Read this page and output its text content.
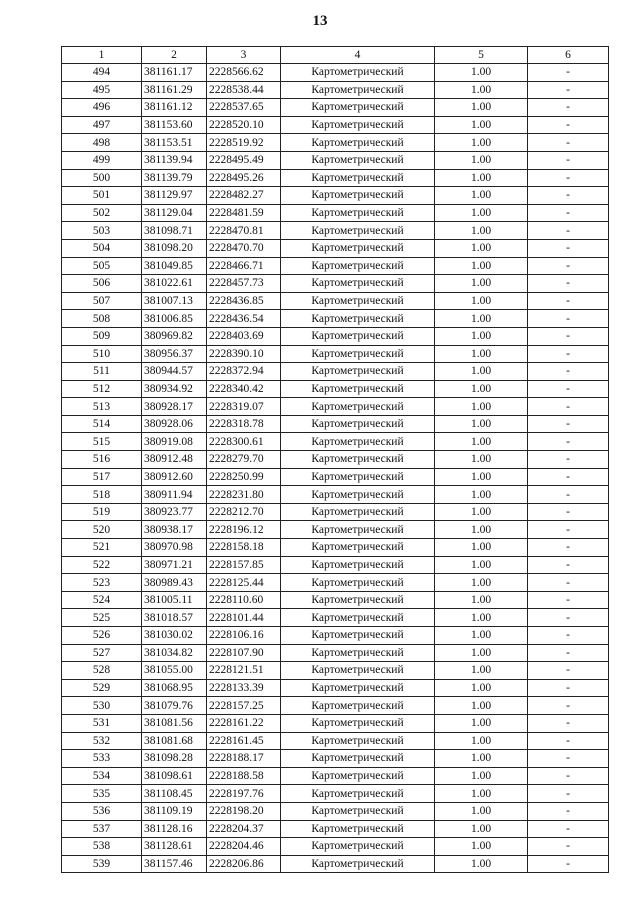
13
1	2	3	4	5	6
494	381161.17	2228566.62	Картометрический	1.00	-
495	381161.29	2228538.44	Картометрический	1.00	-
496	381161.12	2228537.65	Картометрический	1.00	-
497	381153.60	2228520.10	Картометрический	1.00	-
498	381153.51	2228519.92	Картометрический	1.00	-
499	381139.94	2228495.49	Картометрический	1.00	-
500	381139.79	2228495.26	Картометрический	1.00	-
501	381129.97	2228482.27	Картометрический	1.00	-
502	381129.04	2228481.59	Картометрический	1.00	-
503	381098.71	2228470.81	Картометрический	1.00	-
504	381098.20	2228470.70	Картометрический	1.00	-
505	381049.85	2228466.71	Картометрический	1.00	-
506	381022.61	2228457.73	Картометрический	1.00	-
507	381007.13	2228436.85	Картометрический	1.00	-
508	381006.85	2228436.54	Картометрический	1.00	-
509	380969.82	2228403.69	Картометрический	1.00	-
510	380956.37	2228390.10	Картометрический	1.00	-
511	380944.57	2228372.94	Картометрический	1.00	-
512	380934.92	2228340.42	Картометрический	1.00	-
513	380928.17	2228319.07	Картометрический	1.00	-
514	380928.06	2228318.78	Картометрический	1.00	-
515	380919.08	2228300.61	Картометрический	1.00	-
516	380912.48	2228279.70	Картометрический	1.00	-
517	380912.60	2228250.99	Картометрический	1.00	-
518	380911.94	2228231.80	Картометрический	1.00	-
519	380923.77	2228212.70	Картометрический	1.00	-
520	380938.17	2228196.12	Картометрический	1.00	-
521	380970.98	2228158.18	Картометрический	1.00	-
522	380971.21	2228157.85	Картометрический	1.00	-
523	380989.43	2228125.44	Картометрический	1.00	-
524	381005.11	2228110.60	Картометрический	1.00	-
525	381018.57	2228101.44	Картометрический	1.00	-
526	381030.02	2228106.16	Картометрический	1.00	-
527	381034.82	2228107.90	Картометрический	1.00	-
528	381055.00	2228121.51	Картометрический	1.00	-
529	381068.95	2228133.39	Картометрический	1.00	-
530	381079.76	2228157.25	Картометрический	1.00	-
531	381081.56	2228161.22	Картометрический	1.00	-
532	381081.68	2228161.45	Картометрический	1.00	-
533	381098.28	2228188.17	Картометрический	1.00	-
534	381098.61	2228188.58	Картометрический	1.00	-
535	381108.45	2228197.76	Картометрический	1.00	-
536	381109.19	2228198.20	Картометрический	1.00	-
537	381128.16	2228204.37	Картометрический	1.00	-
538	381128.61	2228204.46	Картометрический	1.00	-
539	381157.46	2228206.86	Картометрический	1.00	-
